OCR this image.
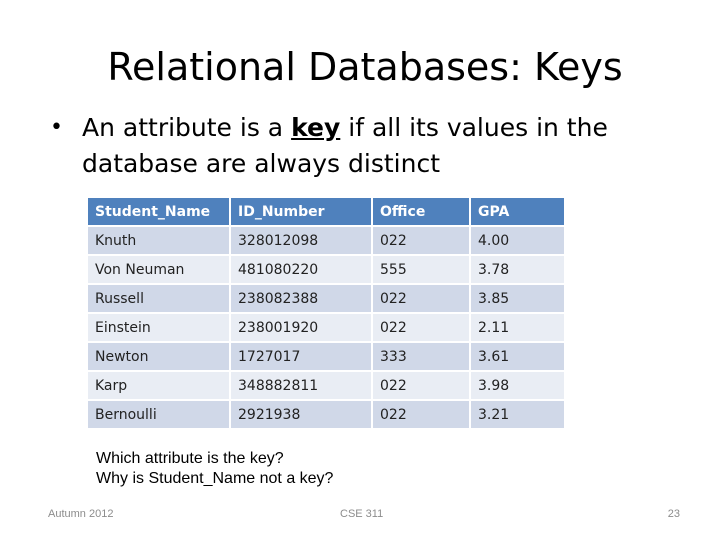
Relational Databases: Keys
• An attribute is a key if all its values in the database are always distinct
Student_Name	ID_Number	Office	GPA
Knuth	328012098	022	4.00
Von Neuman	481080220	555	3.78
Russell	238082388	022	3.85
Einstein	238001920	022	2.11
Newton	1727017	333	3.61
Karp	348882811	022	3.98
Bernoulli	2921938	022	3.21
Which attribute is the key?
Why is Student_Name not a key?
Autumn 2012	CSE 311	23
